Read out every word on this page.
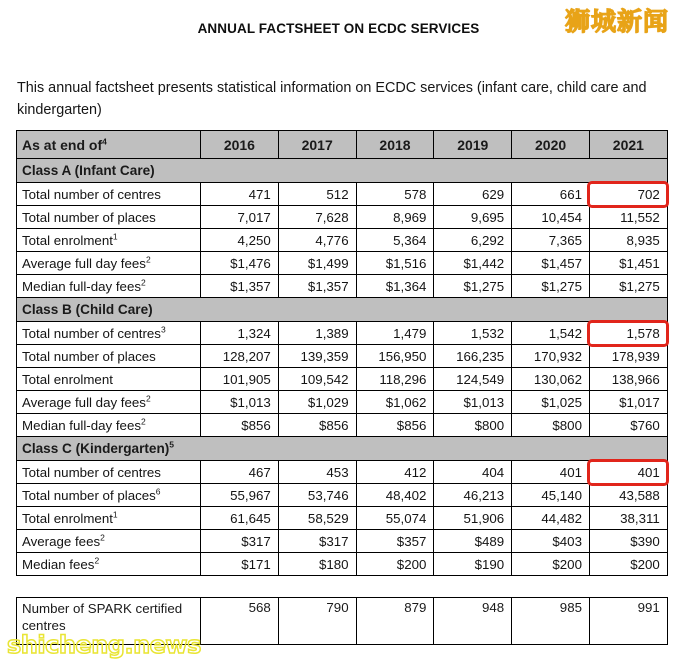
ANNUAL FACTSHEET ON ECDC SERVICES	狮城新闻

This annual factsheet presents statistical information on ECDC services (infant care, child care and kindergarten)

As at end $of^4$	2016	2017	2018	2019	2020	2021
Class A (Infant Care)						
Total number of centres	471	512	578	629	661	702
Total number of places	7,017	7,628	8,969	9,695	10,454	11,552
Total enrolment$^1$	4,250	4,776	5,364	6,292	7,365	8,935
Average full day fees$^2$	$1,476	$1,499	$1,516	$1,442	$1,457	$1,451
Median full-day fees$^2$	$1,357	$1,357	$1,364	$1,275	$1,275	$1,275
Class B (Child Care)						
Total number of centres$^3$	1,324	1,389	1,479	1,532	1,542	1,578
Total number of places	128,207	139,359	156,950	166,235	170,932	178,939
Total enrolment	101,905	109,542	118,296	124,549	130,062	138,966
Average full day fees$^2$	$1,013	$1,029	$1,062	$1,013	$1,025	$1,017
Median full-day fees$^2$	$856	$856	$856	$800	$800	$760
Class C (Kindergarten)$^5$
Total number of centres	467	453	412	404	401	401
Total number of places$^6$	55,967	53,746	48,402	46,213	45,140	43,588
Total enrolment$^1$	61,645	58,529	55,074	51,906	44,482	38,311
Average fees$^2$	$317	$317	$357	$489	$403	$390
Median fees$^2$	$171	$180	$200	$190	$200	$200
Number of SPARK certified centres	568	790	879	948	985	991
shicheng.news
